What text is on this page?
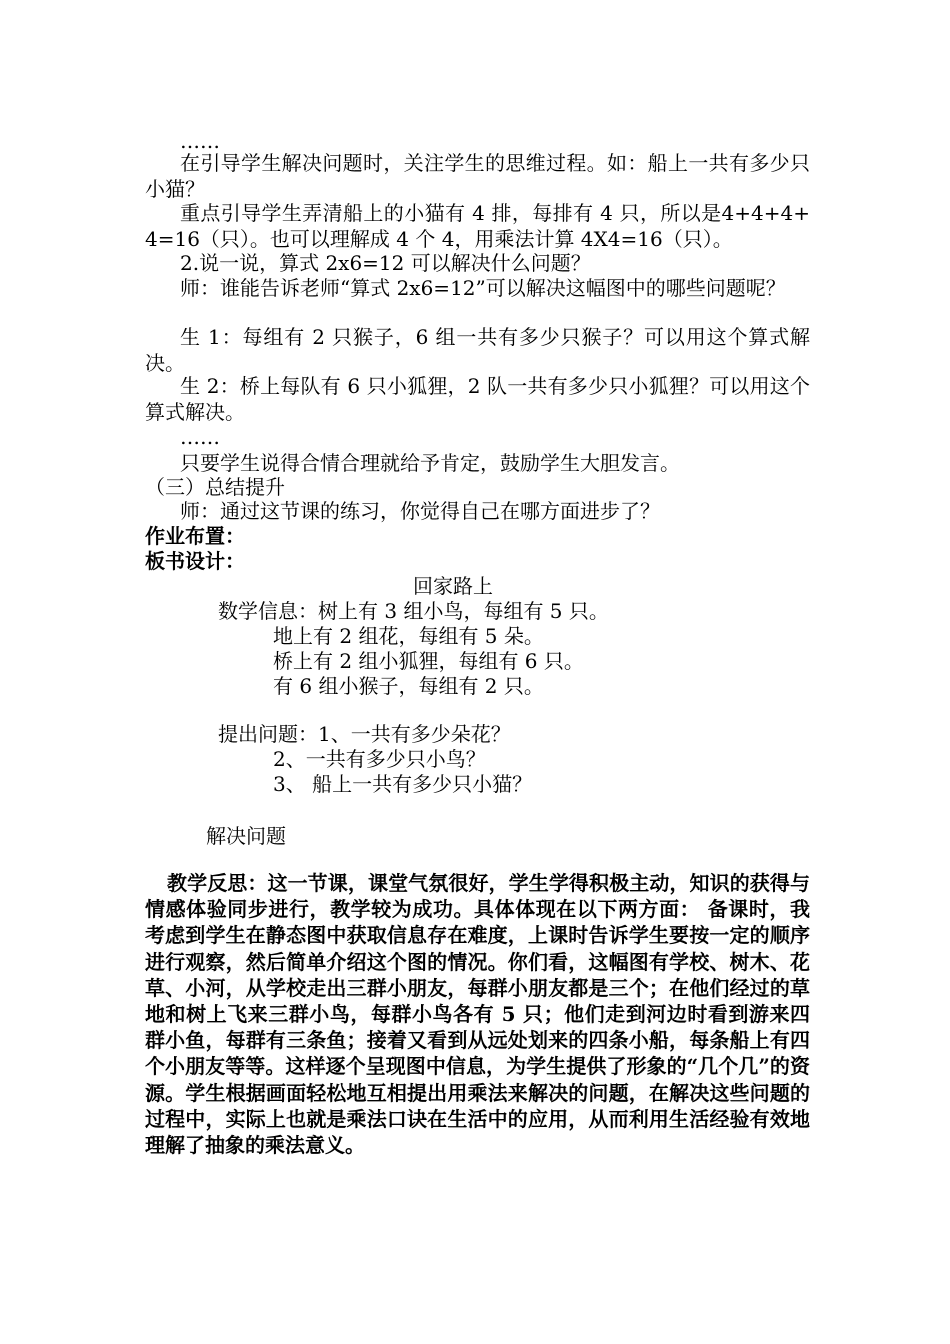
……

在引导学生解决问题时，关注学生的思维过程。如：船上一共有多少只小猫？

重点引导学生弄清船上的小猫有 4 排，每排有 4 只，所以是4+4+4+4=16（只）。也可以理解成 4 个 4，用乘法计算 4X4=16（只）。

2.说一说，算式 2x6=12 可以解决什么问题？

师：谁能告诉老师“算式 2x6=12”可以解决这幅图中的哪些问题呢？

生 1：每组有 2 只猴子，6 组一共有多少只猴子？可以用这个算式解决。

生 2：桥上每队有 6 只小狐狸，2 队一共有多少只小狐狸？可以用这个算式解决。

……

只要学生说得合情合理就给予肯定，鼓励学生大胆发言。

（三）总结提升

师：通过这节课的练习，你觉得自己在哪方面进步了？

作业布置：
板书设计：
回家路上
数学信息：树上有 3 组小鸟，每组有 5 只。
地上有 2 组花，每组有 5 朵。
桥上有 2 组小狐狸，每组有 6 只。
有 6 组小猴子，每组有 2 只。
提出问题：1、一共有多少朵花？
2、一共有多少只小鸟？
3、 船上一共有多少只小猫？
解决问题

教学反思：这一节课，课堂气氛很好，学生学得积极主动，知识的获得与情感体验同步进行，教学较为成功。具体体现在以下两方面： 备课时，我考虑到学生在静态图中获取信息存在难度，上课时告诉学生要按一定的顺序进行观察，然后简单介绍这个图的情况。你们看，这幅图有学校、树木、花草、小河，从学校走出三群小朋友，每群小朋友都是三个；在他们经过的草地和树上飞来三群小鸟，每群小鸟各有 5 只；他们走到河边时看到游来四群小鱼，每群有三条鱼；接着又看到从远处划来的四条小船，每条船上有四个小朋友等等。这样逐个呈现图中信息，为学生提供了形象的“几个几”的资源。学生根据画面轻松地互相提出用乘法来解决的问题，在解决这些问题的过程中，实际上也就是乘法口诀在生活中的应用，从而利用生活经验有效地理解了抽象的乘法意义。
